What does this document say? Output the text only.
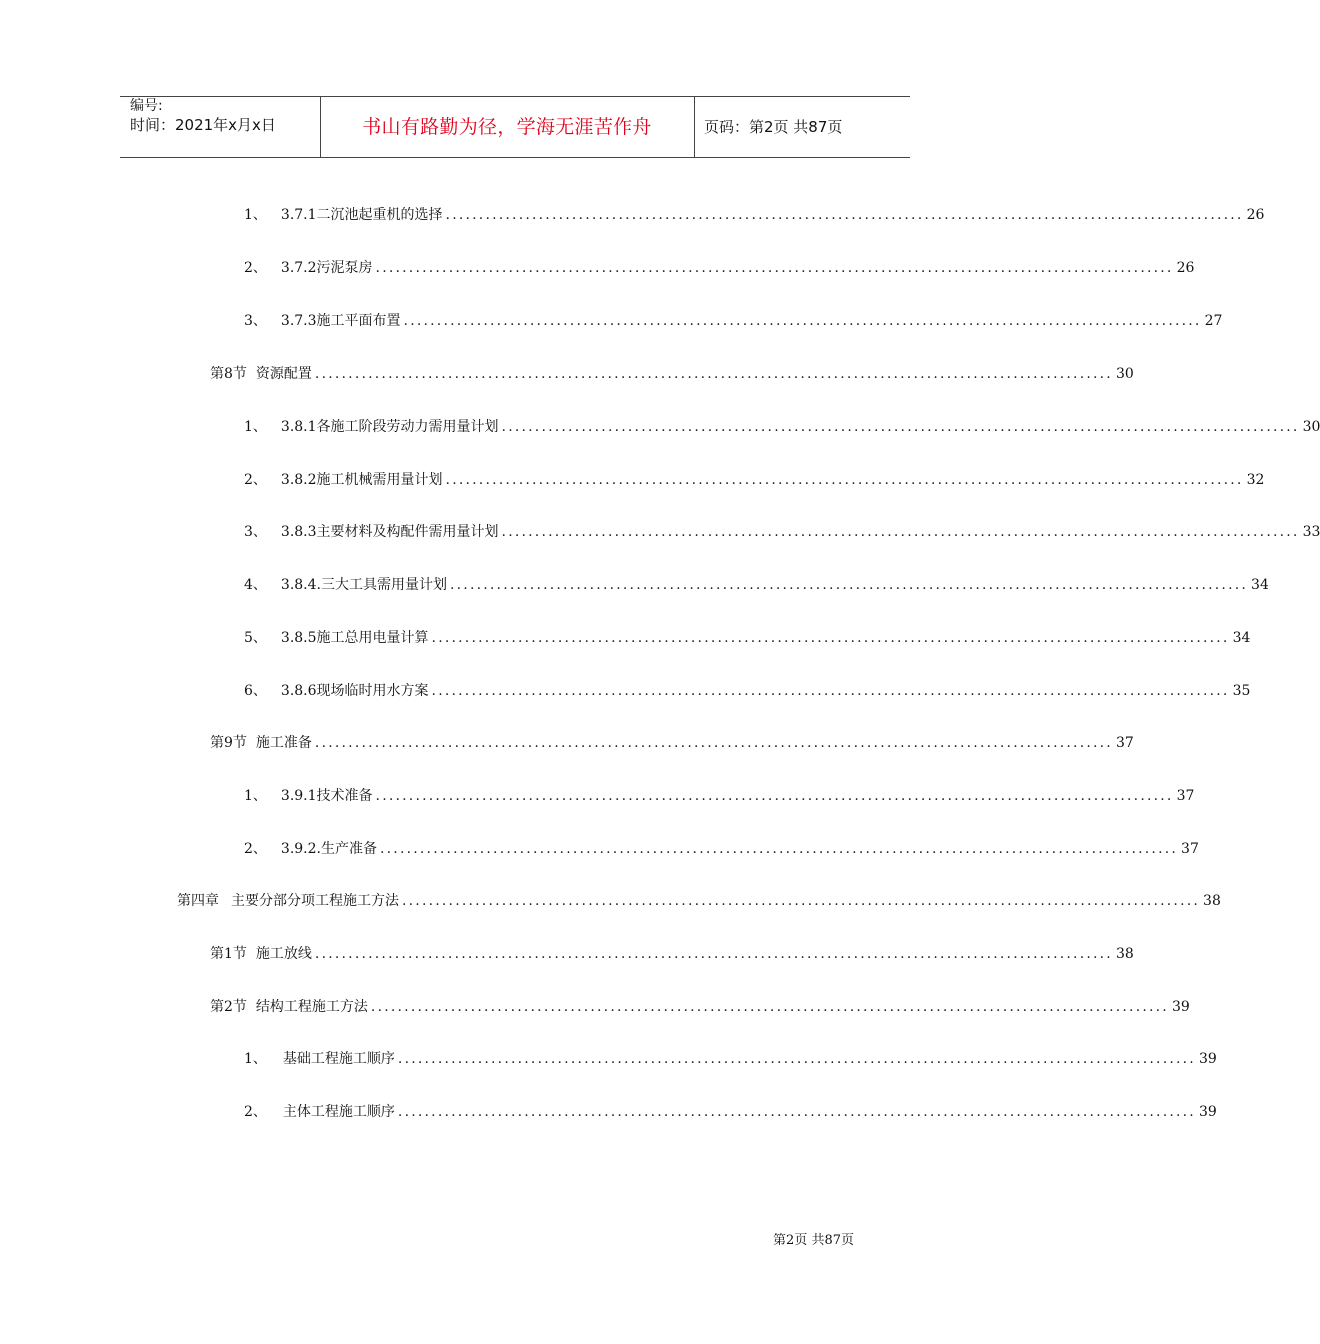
编号:
时间：2021年x月x日	书山有路勤为径，学海无涯苦作舟	页码：第2页 共87页
1、 3.7.1二沉池起重机的选择 ........................................................................................................................ 26
2、 3.7.2污泥泵房 ........................................................................................................................ 26
3、 3.7.3施工平面布置 ........................................................................................................................ 27
第8节 资源配置 ........................................................................................................................ 30
1、 3.8.1各施工阶段劳动力需用量计划 ........................................................................................................................ 30
2、 3.8.2施工机械需用量计划 ........................................................................................................................ 32
3、 3.8.3主要材料及构配件需用量计划 ........................................................................................................................ 33
4、 3.8.4.三大工具需用量计划 ........................................................................................................................ 34
5、 3.8.5施工总用电量计算 ........................................................................................................................ 34
6、 3.8.6现场临时用水方案 ........................................................................................................................ 35
第9节 施工准备 ........................................................................................................................ 37
1、 3.9.1技术准备 ........................................................................................................................ 37
2、 3.9.2.生产准备 ........................................................................................................................ 37
第四章 主要分部分项工程施工方法 ........................................................................................................................ 38
第1节 施工放线 ........................................................................................................................ 38
第2节 结构工程施工方法 ........................................................................................................................ 39
1、 基础工程施工顺序 ........................................................................................................................ 39
2、 主体工程施工顺序 ........................................................................................................................ 39
第2页 共87页
